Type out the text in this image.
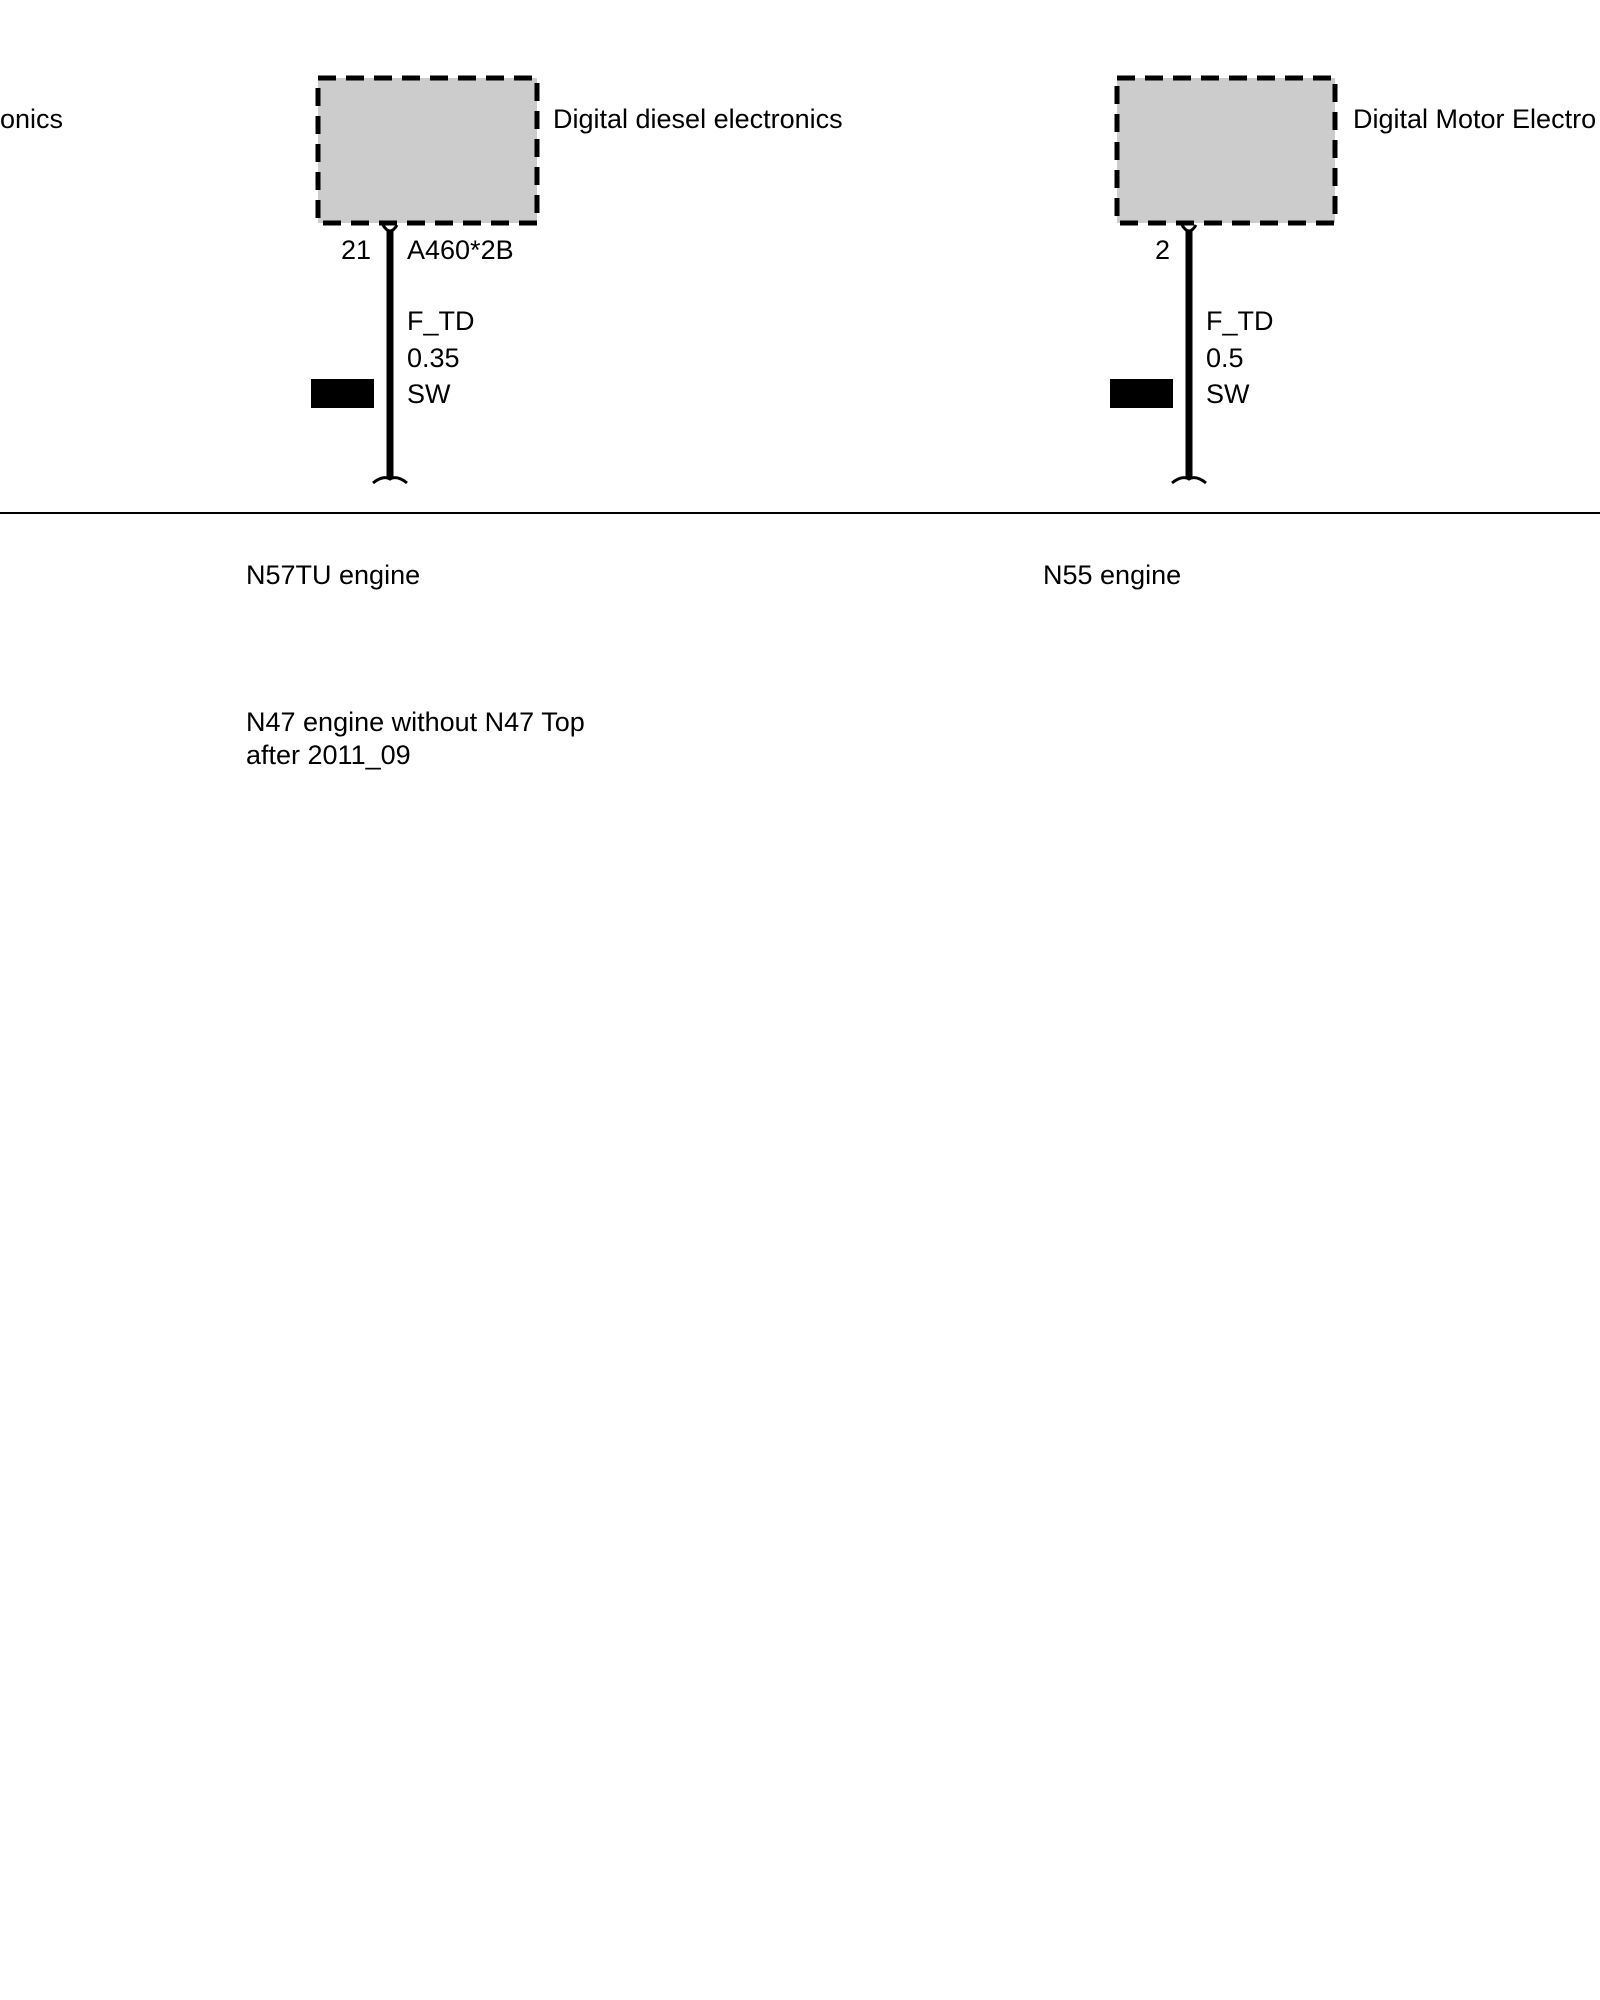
onics	Digital diesel electronics
21 A460*2B
F_TD
0.35
SW
N57TU engine
Digital Motor Electro
2
F_TD
0.5
SW
N55 engine
N47 engine without N47 Top
after 2011_09
